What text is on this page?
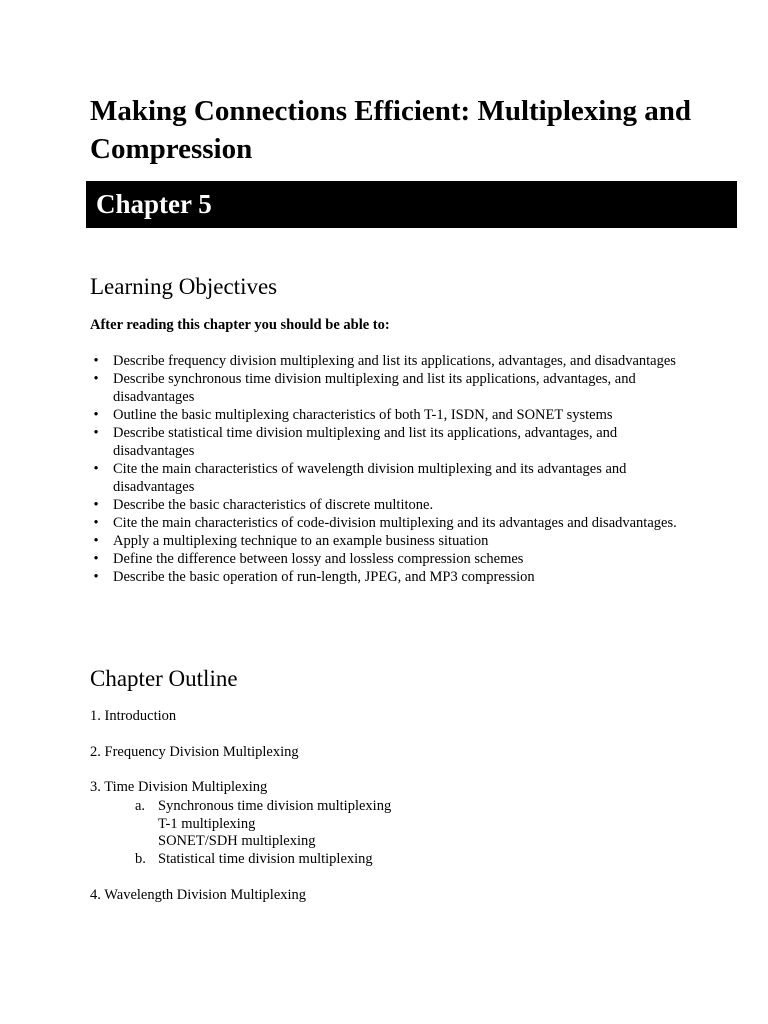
Making Connections Efficient: Multiplexing and Compression
Chapter 5
Learning Objectives
After reading this chapter you should be able to:
• Describe frequency division multiplexing and list its applications, advantages, and disadvantages
• Describe synchronous time division multiplexing and list its applications, advantages, and disadvantages
• Outline the basic multiplexing characteristics of both T-1, ISDN, and SONET systems
• Describe statistical time division multiplexing and list its applications, advantages, and disadvantages
• Cite the main characteristics of wavelength division multiplexing and its advantages and disadvantages
• Describe the basic characteristics of discrete multitone.
• Cite the main characteristics of code-division multiplexing and its advantages and disadvantages.
• Apply a multiplexing technique to an example business situation
• Define the difference between lossy and lossless compression schemes
• Describe the basic operation of run-length, JPEG, and MP3 compression
Chapter Outline
1. Introduction
2. Frequency Division Multiplexing
3. Time Division Multiplexing
a. Synchronous time division multiplexing
T-1 multiplexing
SONET/SDH multiplexing
b. Statistical time division multiplexing
4. Wavelength Division Multiplexing
